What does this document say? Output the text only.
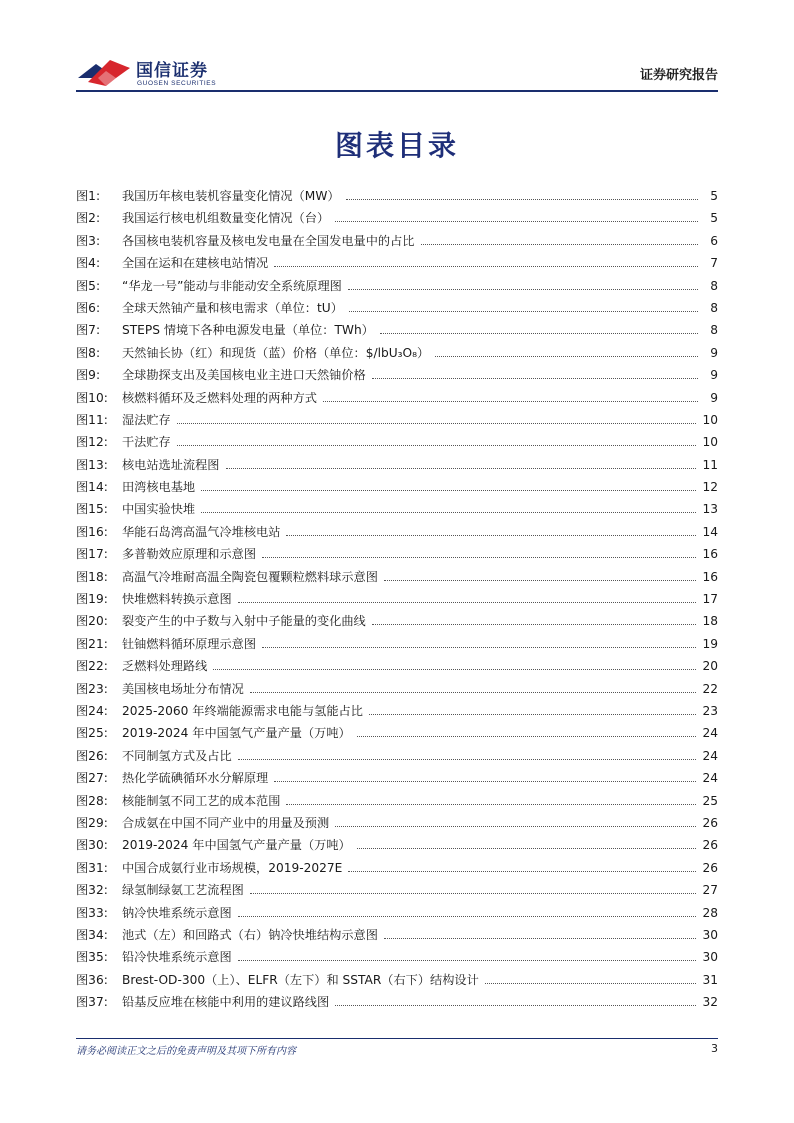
国信证券
GUOSEN SECURITIES
证券研究报告
图表目录
图1:	我国历年核电装机容量变化情况（MW）	5
图2:	我国运行核电机组数量变化情况（台）	5
图3:	各国核电装机容量及核电发电量在全国发电量中的占比	6
图4:	全国在运和在建核电站情况	7
图5:	“华龙一号”能动与非能动安全系统原理图	8
图6:	全球天然铀产量和核电需求（单位：tU）	8
图7:	STEPS 情境下各种电源发电量（单位：TWh）	8
图8:	天然铀长协（红）和现货（蓝）价格（单位：$/lbU₃O₈）	9
图9:	全球勘探支出及美国核电业主进口天然铀价格	9
图10:	核燃料循环及乏燃料处理的两种方式	9
图11:	湿法贮存	10
图12:	干法贮存	10
图13:	核电站选址流程图	11
图14:	田湾核电基地	12
图15:	中国实验快堆	13
图16:	华能石岛湾高温气冷堆核电站	14
图17:	多普勒效应原理和示意图	16
图18:	高温气冷堆耐高温全陶瓷包覆颗粒燃料球示意图	16
图19:	快堆燃料转换示意图	17
图20:	裂变产生的中子数与入射中子能量的变化曲线	18
图21:	钍铀燃料循环原理示意图	19
图22:	乏燃料处理路线	20
图23:	美国核电场址分布情况	22
图24:	2025-2060 年终端能源需求电能与氢能占比	23
图25:	2019-2024 年中国氢气产量产量（万吨）	24
图26:	不同制氢方式及占比	24
图27:	热化学硫碘循环水分解原理	24
图28:	核能制氢不同工艺的成本范围	25
图29:	合成氨在中国不同产业中的用量及预测	26
图30:	2019-2024 年中国氢气产量产量（万吨）	26
图31:	中国合成氨行业市场规模，2019-2027E	26
图32:	绿氢制绿氨工艺流程图	27
图33:	钠冷快堆系统示意图	28
图34:	池式（左）和回路式（右）钠冷快堆结构示意图	30
图35:	铅冷快堆系统示意图	30
图36:	Brest-OD-300（上）、ELFR（左下）和 SSTAR（右下）结构设计	31
图37:	铅基反应堆在核能中利用的建议路线图	32
请务必阅读正文之后的免责声明及其项下所有内容	3
